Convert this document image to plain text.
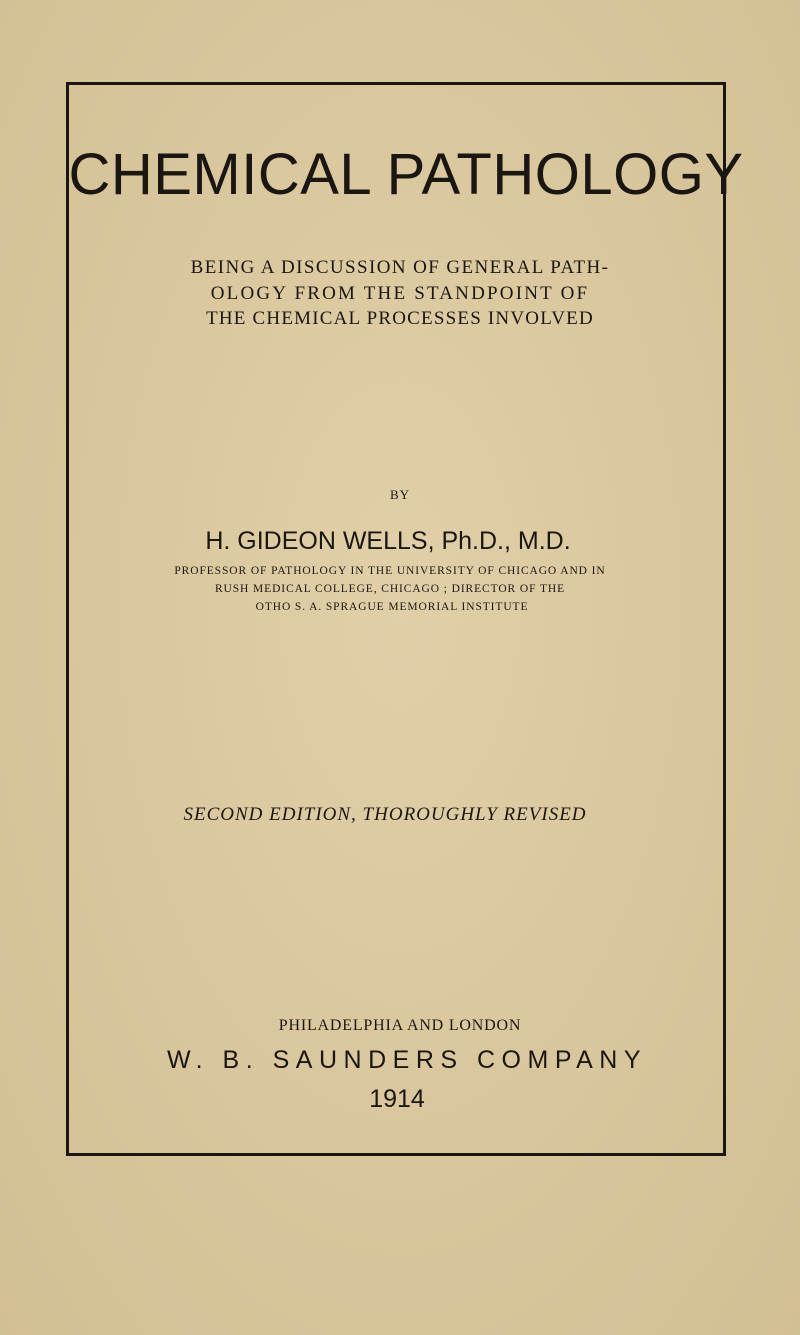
CHEMICAL PATHOLOGY
BEING A DISCUSSION OF GENERAL PATH-
OLOGY FROM THE STANDPOINT OF
THE CHEMICAL PROCESSES INVOLVED
BY
H. GIDEON WELLS, Ph.D., M.D.
PROFESSOR OF PATHOLOGY IN THE UNIVERSITY OF CHICAGO AND IN
RUSH MEDICAL COLLEGE, CHICAGO ; DIRECTOR OF THE
OTHO S. A. SPRAGUE MEMORIAL INSTITUTE
SECOND EDITION, THOROUGHLY REVISED
PHILADELPHIA AND LONDON
W. B. SAUNDERS COMPANY
1914
